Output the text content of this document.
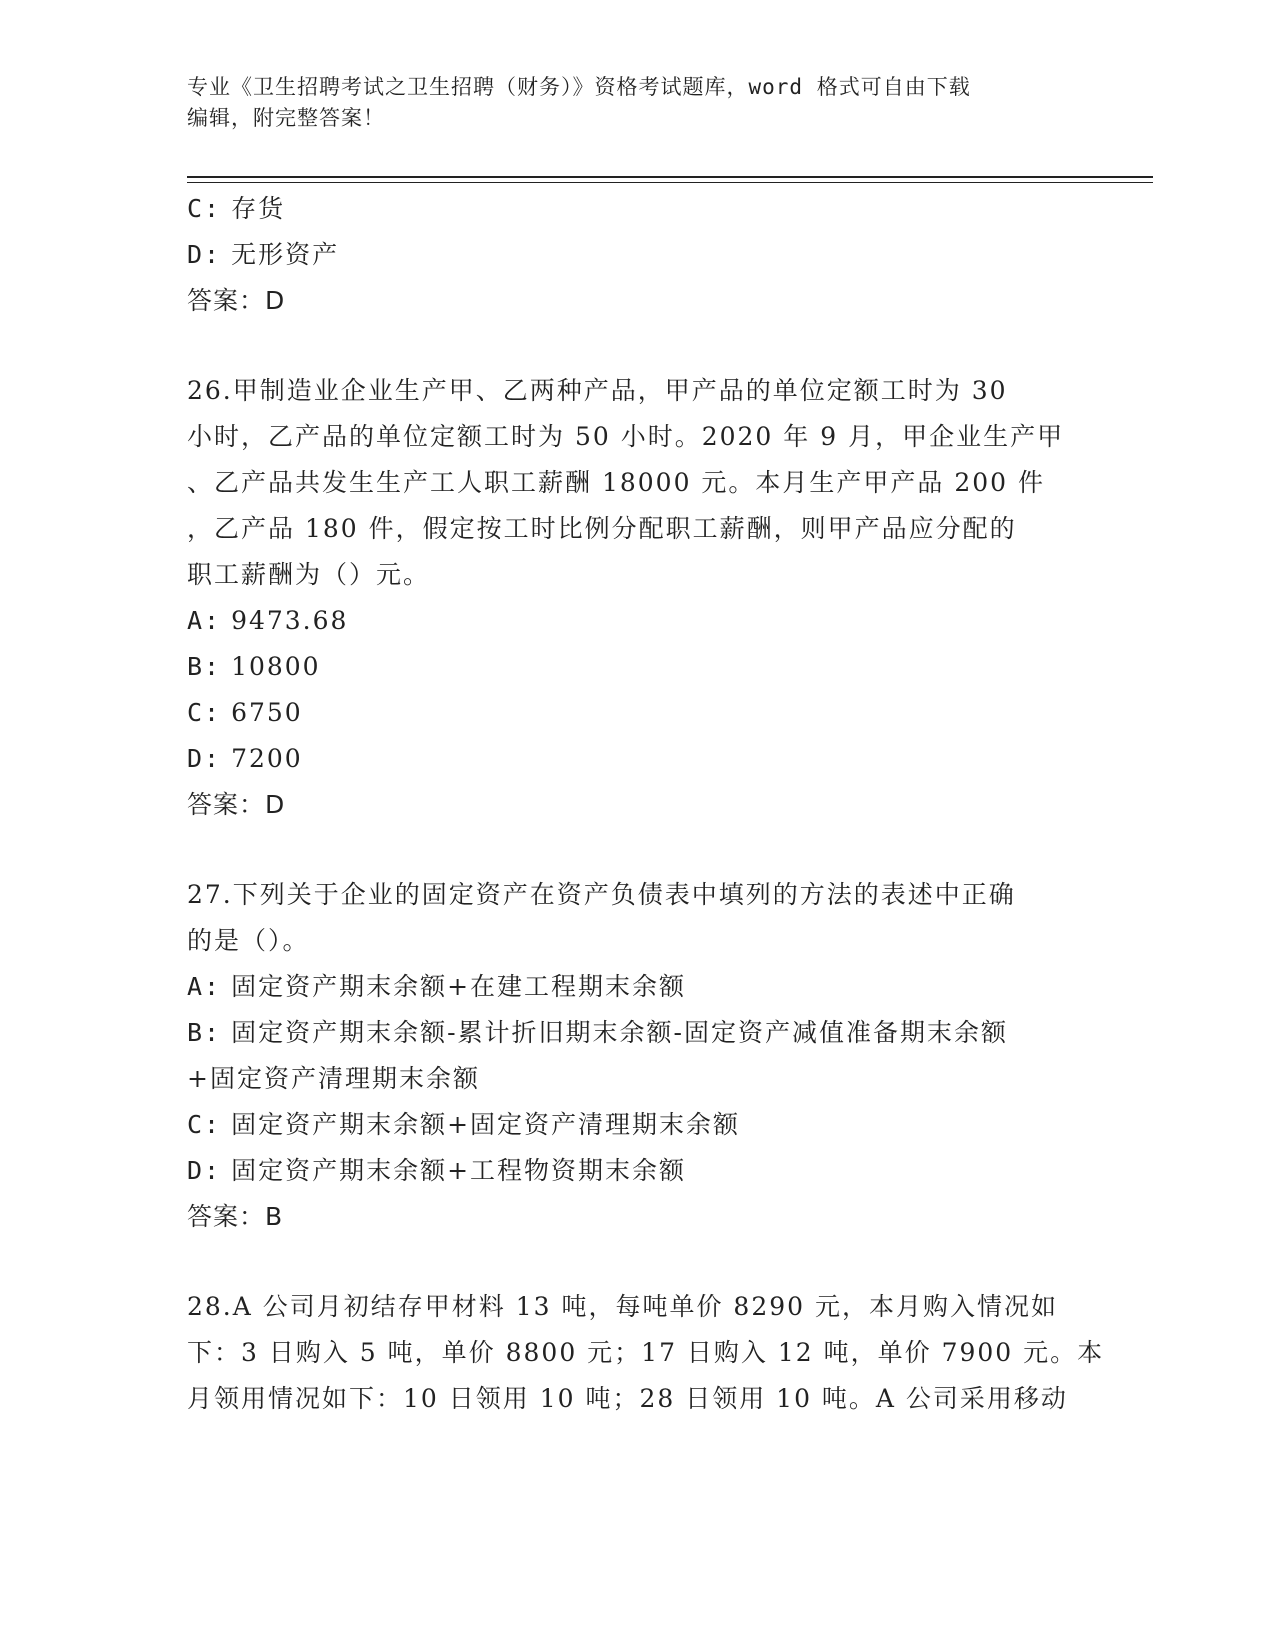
专业《卫生招聘考试之卫生招聘（财务）》资格考试题库，word 格式可自由下载
编辑，附完整答案！
C: 存货
D: 无形资产
答案：D
26.甲制造业企业生产甲、乙两种产品，甲产品的单位定额工时为 30
小时，乙产品的单位定额工时为 50 小时。2020 年 9 月，甲企业生产甲
、乙产品共发生生产工人职工薪酬 18000 元。本月生产甲产品 200 件
，乙产品 180 件，假定按工时比例分配职工薪酬，则甲产品应分配的
职工薪酬为（）元。
A: 9473.68
B: 10800
C: 6750
D: 7200
答案：D
27.下列关于企业的固定资产在资产负债表中填列的方法的表述中正确
的是（）。
A: 固定资产期末余额+在建工程期末余额
B: 固定资产期末余额-累计折旧期末余额-固定资产减值准备期末余额
+固定资产清理期末余额
C: 固定资产期末余额+固定资产清理期末余额
D: 固定资产期末余额+工程物资期末余额
答案：B
28.A 公司月初结存甲材料 13 吨，每吨单价 8290 元，本月购入情况如
下：3 日购入 5 吨，单价 8800 元；17 日购入 12 吨，单价 7900 元。本
月领用情况如下：10 日领用 10 吨；28 日领用 10 吨。A 公司采用移动
